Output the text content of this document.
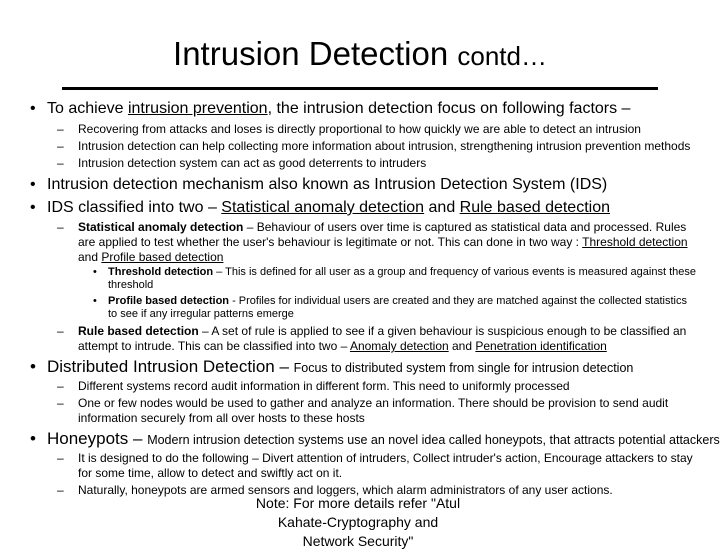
Intrusion Detection contd…
• To achieve intrusion prevention, the intrusion detection focus on following factors –
– Recovering from attacks and loses is directly proportional to how quickly we are able to detect an intrusion
– Intrusion detection can help collecting more information about intrusion, strengthening intrusion prevention methods
– Intrusion detection system can act as good deterrents to intruders
• Intrusion detection mechanism also known as Intrusion Detection System (IDS)
• IDS classified into two – Statistical anomaly detection and Rule based detection
– Statistical anomaly detection – Behaviour of users over time is captured as statistical data and processed. Rules
are applied to test whether the user's behaviour is legitimate or not. This can done in two way : Threshold detection
and Profile based detection
• Threshold detection – This is defined for all user as a group and frequency of various events is measured against these
threshold
• Profile based detection - Profiles for individual users are created and they are matched against the collected statistics
to see if any irregular patterns emerge
– Rule based detection – A set of rule is applied to see if a given behaviour is suspicious enough to be classified an
attempt to intrude. This can be classified into two – Anomaly detection and Penetration identification
• Distributed Intrusion Detection – Focus to distributed system from single for intrusion detection
– Different systems record audit information in different form. This need to uniformly processed
– One or few nodes would be used to gather and analyze an information. There should be provision to send audit
information securely from all over hosts to these hosts
• Honeypots – Modern intrusion detection systems use an novel idea called honeypots, that attracts potential attackers
– It is designed to do the following – Divert attention of intruders, Collect intruder's action, Encourage attackers to stay
for some time, allow to detect and swiftly act on it.
– Naturally, honeypots are armed sensors and loggers, which alarm administrators of any user actions.
Note: For more details refer "Atul
Kahate-Cryptography and
Network Security"
